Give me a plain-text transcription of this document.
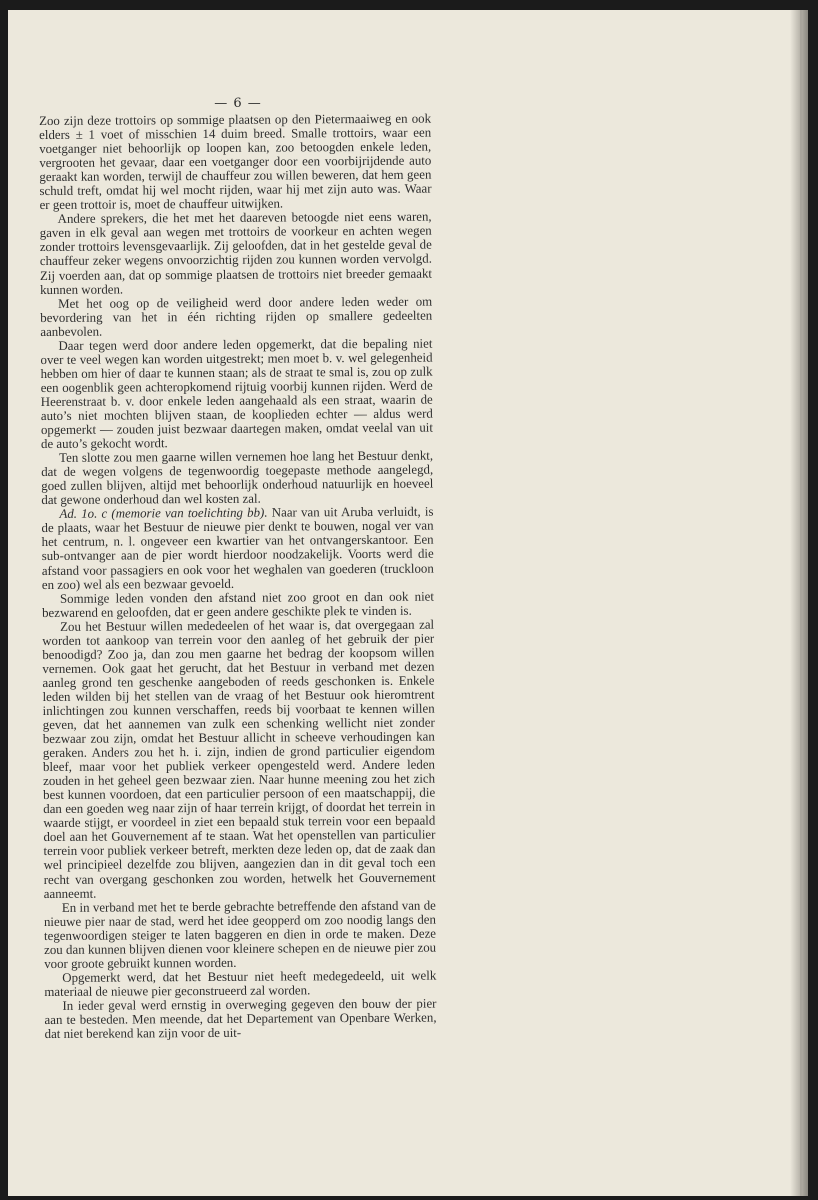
— 6 —

Zoo zijn deze trottoirs op sommige plaatsen op den Pietermaaiweg en ook elders ± 1 voet of misschien 14 duim breed. Smalle trottoirs, waar een voetganger niet behoorlijk op loopen kan, zoo betoogden enkele leden, vergrooten het gevaar, daar een voetganger door een voorbijrijdende auto geraakt kan worden, terwijl de chauffeur zou willen beweren, dat hem geen schuld treft, omdat hij wel mocht rijden, waar hij met zijn auto was. Waar er geen trottoir is, moet de chauffeur uitwijken.

Andere sprekers, die het met het daareven betoogde niet eens waren, gaven in elk geval aan wegen met trottoirs de voorkeur en achten wegen zonder trottoirs levensgevaarlijk. Zij geloofden, dat in het gestelde geval de chauffeur zeker wegens onvoorzichtig rijden zou kunnen worden vervolgd. Zij voerden aan, dat op sommige plaatsen de trottoirs niet breeder gemaakt kunnen worden.

Met het oog op de veiligheid werd door andere leden weder om bevordering van het in één richting rijden op smallere gedeelten aanbevolen.

Daar tegen werd door andere leden opgemerkt, dat die bepaling niet over te veel wegen kan worden uitgestrekt; men moet b. v. wel gelegenheid hebben om hier of daar te kunnen staan; als de straat te smal is, zou op zulk een oogenblik geen achteropkomend rijtuig voorbij kunnen rijden. Werd de Heerenstraat b. v. door enkele leden aangehaald als een straat, waarin de auto’s niet mochten blijven staan, de kooplieden echter — aldus werd opgemerkt — zouden juist bezwaar daartegen maken, omdat veelal van uit de auto’s gekocht wordt.

Ten slotte zou men gaarne willen vernemen hoe lang het Bestuur denkt, dat de wegen volgens de tegenwoordig toegepaste methode aangelegd, goed zullen blijven, altijd met behoorlijk onderhoud natuurlijk en hoeveel dat gewone onderhoud dan wel kosten zal.

Ad. 1o. c (memorie van toelichting bb). Naar van uit Aruba verluidt, is de plaats, waar het Bestuur de nieuwe pier denkt te bouwen, nogal ver van het centrum, n. l. ongeveer een kwartier van het ontvangerskantoor. Een sub-ontvanger aan de pier wordt hierdoor noodzakelijk. Voorts werd die afstand voor passagiers en ook voor het weghalen van goederen (truckloon en zoo) wel als een bezwaar gevoeld.

Sommige leden vonden den afstand niet zoo groot en dan ook niet bezwarend en geloofden, dat er geen andere geschikte plek te vinden is.

Zou het Bestuur willen mededeelen of het waar is, dat overgegaan zal worden tot aankoop van terrein voor den aanleg of het gebruik der pier benoodigd? Zoo ja, dan zou men gaarne het bedrag der koopsom willen vernemen. Ook gaat het gerucht, dat het Bestuur in verband met dezen aanleg grond ten geschenke aangeboden of reeds geschonken is. Enkele leden wilden bij het stellen van de vraag of het Bestuur ook hieromtrent inlichtingen zou kunnen verschaffen, reeds bij voorbaat te kennen willen geven, dat het aannemen van zulk een schenking wellicht niet zonder bezwaar zou zijn, omdat het Bestuur allicht in scheeve verhoudingen kan geraken. Anders zou het h. i. zijn, indien de grond particulier eigendom bleef, maar voor het publiek verkeer opengesteld werd. Andere leden zouden in het geheel geen bezwaar zien. Naar hunne meening zou het zich best kunnen voordoen, dat een particulier persoon of een maatschappij, die dan een goeden weg naar zijn of haar terrein krijgt, of doordat het terrein in waarde stijgt, er voordeel in ziet een bepaald stuk terrein voor een bepaald doel aan het Gouvernement af te staan. Wat het openstellen van particulier terrein voor publiek verkeer betreft, merkten deze leden op, dat de zaak dan wel principieel dezelfde zou blijven, aangezien dan in dit geval toch een recht van overgang geschonken zou worden, hetwelk het Gouvernement aanneemt.

En in verband met het te berde gebrachte betreffende den afstand van de nieuwe pier naar de stad, werd het idee geopperd om zoo noodig langs den tegenwoordigen steiger te laten baggeren en dien in orde te maken. Deze zou dan kunnen blijven dienen voor kleinere schepen en de nieuwe pier zou voor groote gebruikt kunnen worden.

Opgemerkt werd, dat het Bestuur niet heeft medegedeeld, uit welk materiaal de nieuwe pier geconstrueerd zal worden.

In ieder geval werd ernstig in overweging gegeven den bouw der pier aan te besteden. Men meende, dat het Departement van Openbare Werken, dat niet berekend kan zijn voor de uit-
